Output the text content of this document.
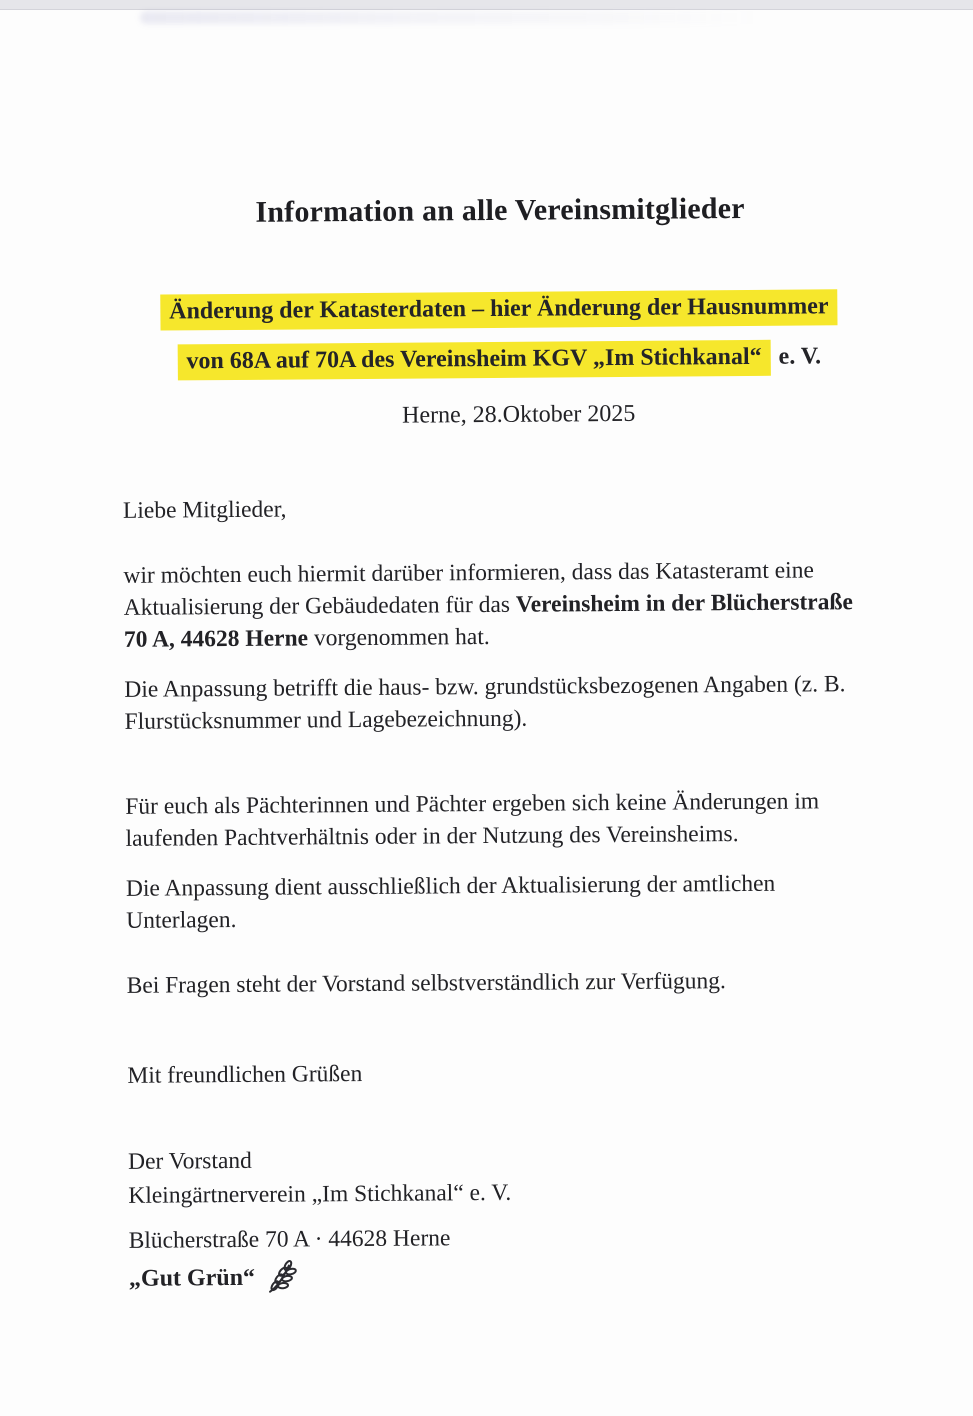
Information an alle Vereinsmitglieder
Änderung der Katasterdaten – hier Änderung der Hausnummer
von 68A auf 70A des Vereinsheim KGV „Im Stichkanal“ e. V.
Herne, 28.Oktober 2025

Liebe Mitglieder,

wir möchten euch hiermit darüber informieren, dass das Katasteramt eine Aktualisierung der Gebäudedaten für das Vereinsheim in der Blücherstraße 70 A, 44628 Herne vorgenommen hat.

Die Anpassung betrifft die haus- bzw. grundstücksbezogenen Angaben (z. B. Flurstücksnummer und Lagebezeichnung).

Für euch als Pächterinnen und Pächter ergeben sich keine Änderungen im laufenden Pachtverhältnis oder in der Nutzung des Vereinsheims.

Die Anpassung dient ausschließlich der Aktualisierung der amtlichen Unterlagen.

Bei Fragen steht der Vorstand selbstverständlich zur Verfügung.

Mit freundlichen Grüßen

Der Vorstand
Kleingärtnerverein „Im Stichkanal“ e. V.
Blücherstraße 70 A · 44628 Herne
„Gut Grün“
